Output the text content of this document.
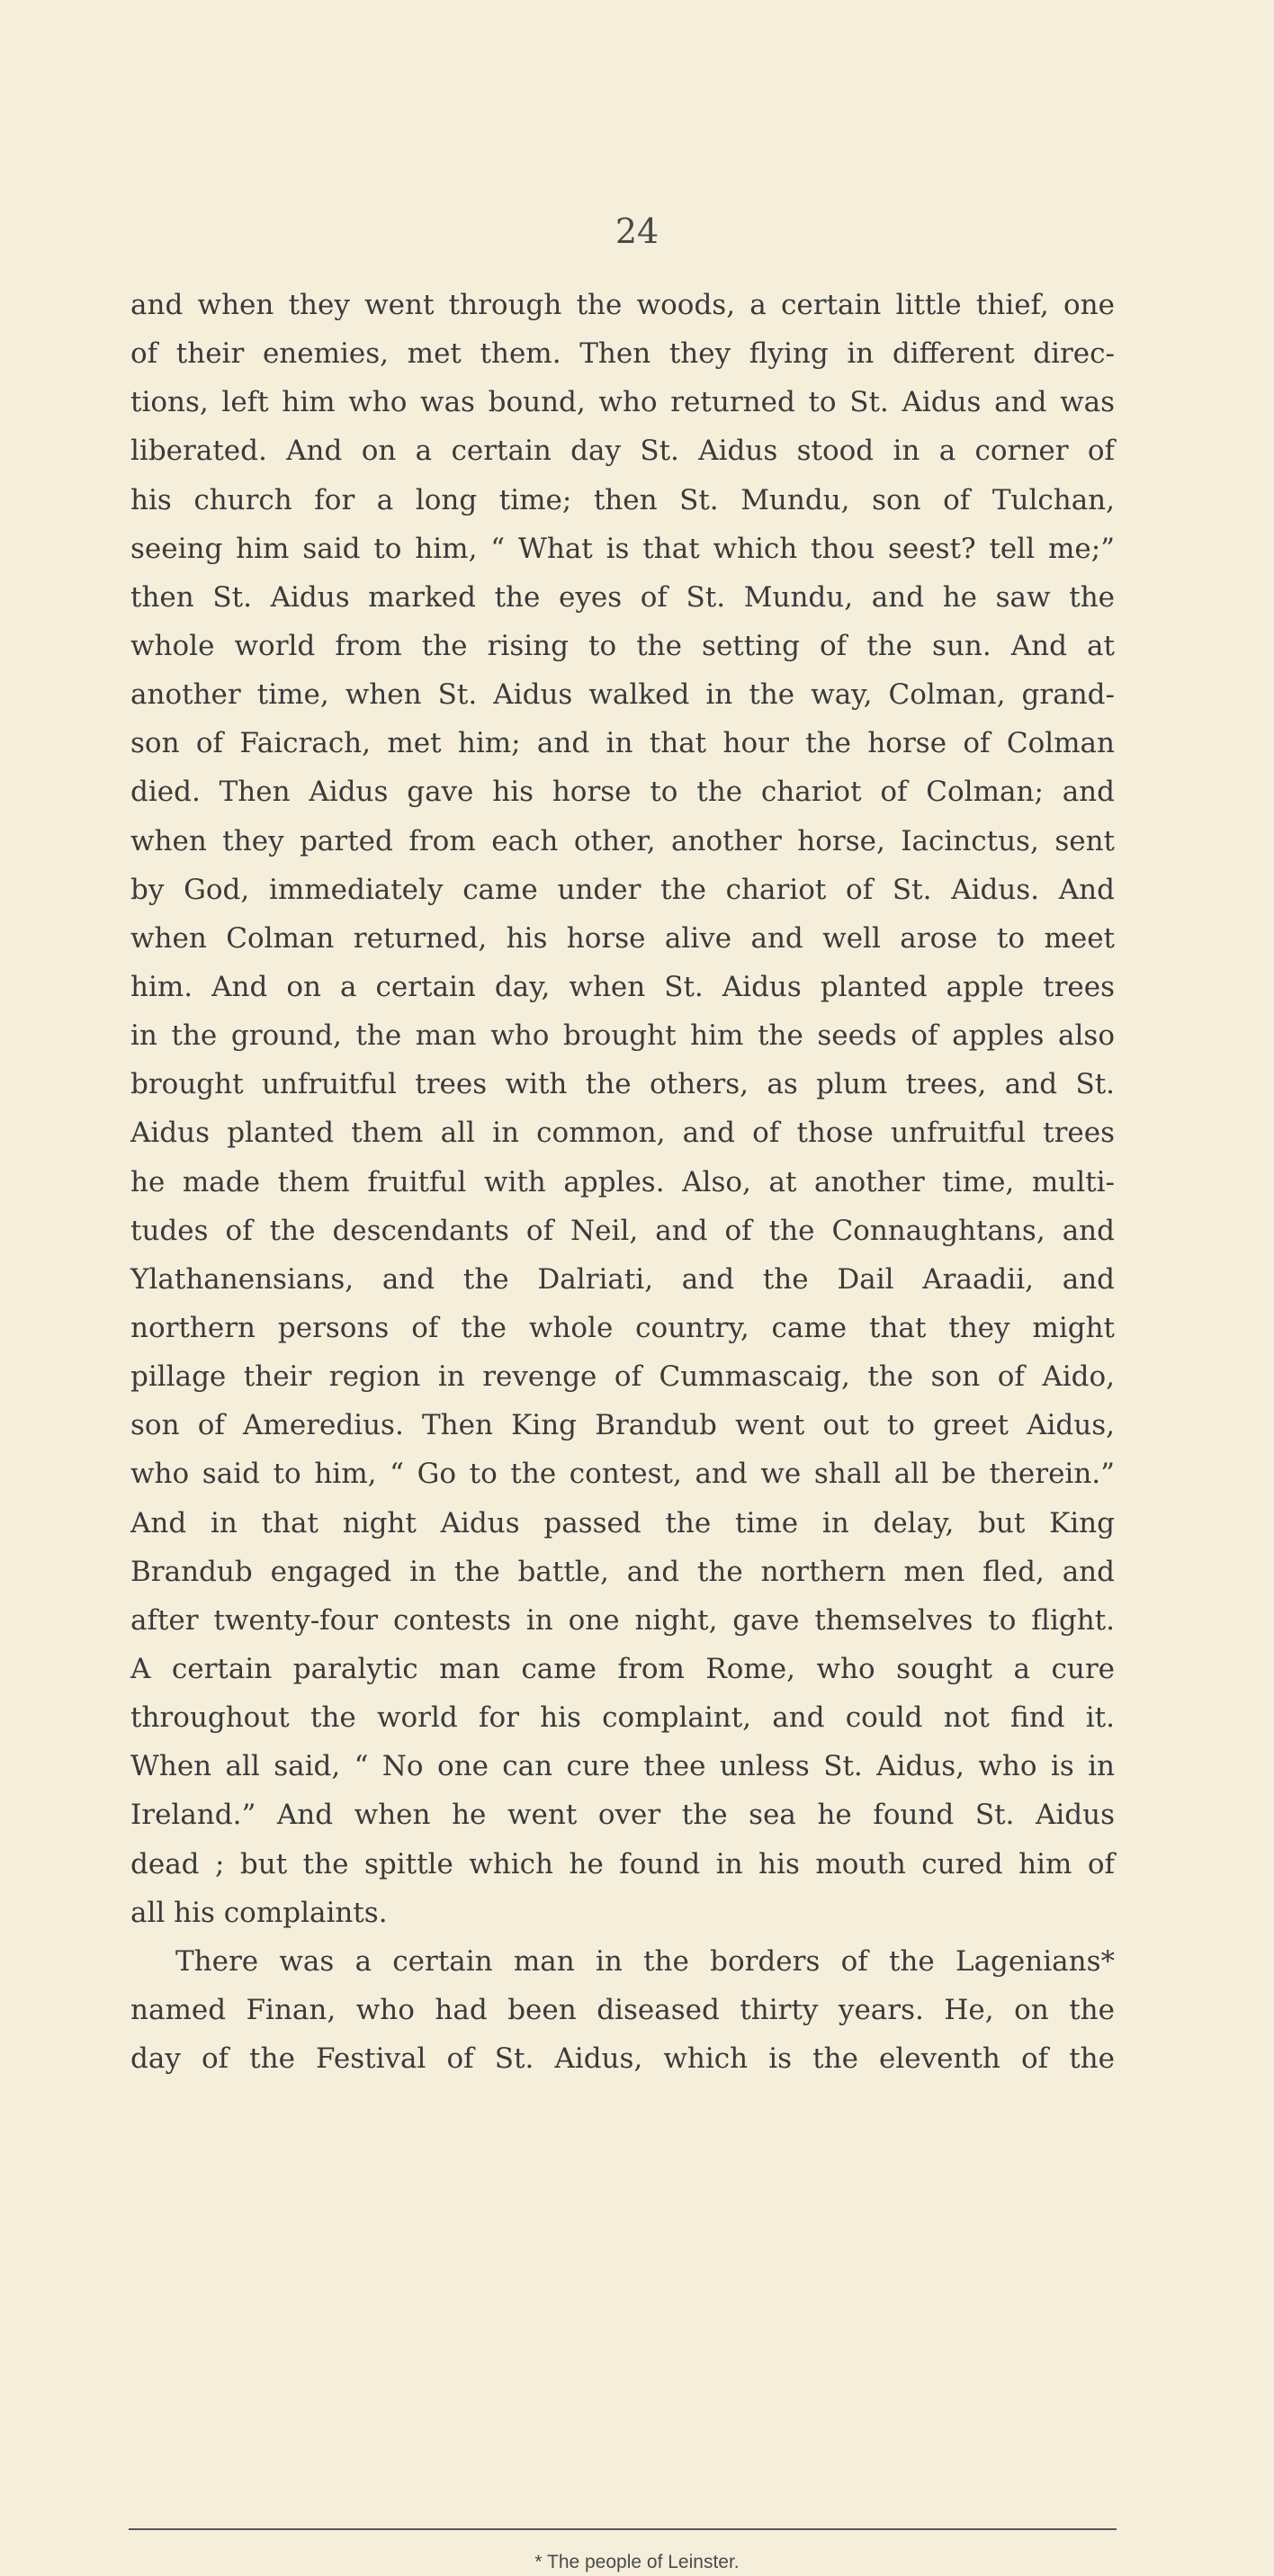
24
and when they went through the woods, a certain little thief, one
of their enemies, met them. Then they flying in different direc-
tions, left him who was bound, who returned to St. Aidus and was
liberated. And on a certain day St. Aidus stood in a corner of
his church for a long time; then St. Mundu, son of Tulchan,
seeing him said to him, “ What is that which thou seest? tell me;”
then St. Aidus marked the eyes of St. Mundu, and he saw the
whole world from the rising to the setting of the sun. And at
another time, when St. Aidus walked in the way, Colman, grand-
son of Faicrach, met him; and in that hour the horse of Colman
died. Then Aidus gave his horse to the chariot of Colman; and
when they parted from each other, another horse, Iacinctus, sent
by God, immediately came under the chariot of St. Aidus. And
when Colman returned, his horse alive and well arose to meet
him. And on a certain day, when St. Aidus planted apple trees
in the ground, the man who brought him the seeds of apples also
brought unfruitful trees with the others, as plum trees, and St.
Aidus planted them all in common, and of those unfruitful trees
he made them fruitful with apples. Also, at another time, multi-
tudes of the descendants of Neil, and of the Connaughtans, and
Ylathanensians, and the Dalriati, and the Dail Araadii, and
northern persons of the whole country, came that they might
pillage their region in revenge of Cummascaig, the son of Aido,
son of Ameredius. Then King Brandub went out to greet Aidus,
who said to him, “ Go to the contest, and we shall all be therein.”
And in that night Aidus passed the time in delay, but King
Brandub engaged in the battle, and the northern men fled, and
after twenty-four contests in one night, gave themselves to flight.
A certain paralytic man came from Rome, who sought a cure
throughout the world for his complaint, and could not find it.
When all said, “ No one can cure thee unless St. Aidus, who is in
Ireland.” And when he went over the sea he found St. Aidus
dead ; but the spittle which he found in his mouth cured him of
all his complaints.
There was a certain man in the borders of the Lagenians*
named Finan, who had been diseased thirty years. He, on the
day of the Festival of St. Aidus, which is the eleventh of the
* The people of Leinster.
